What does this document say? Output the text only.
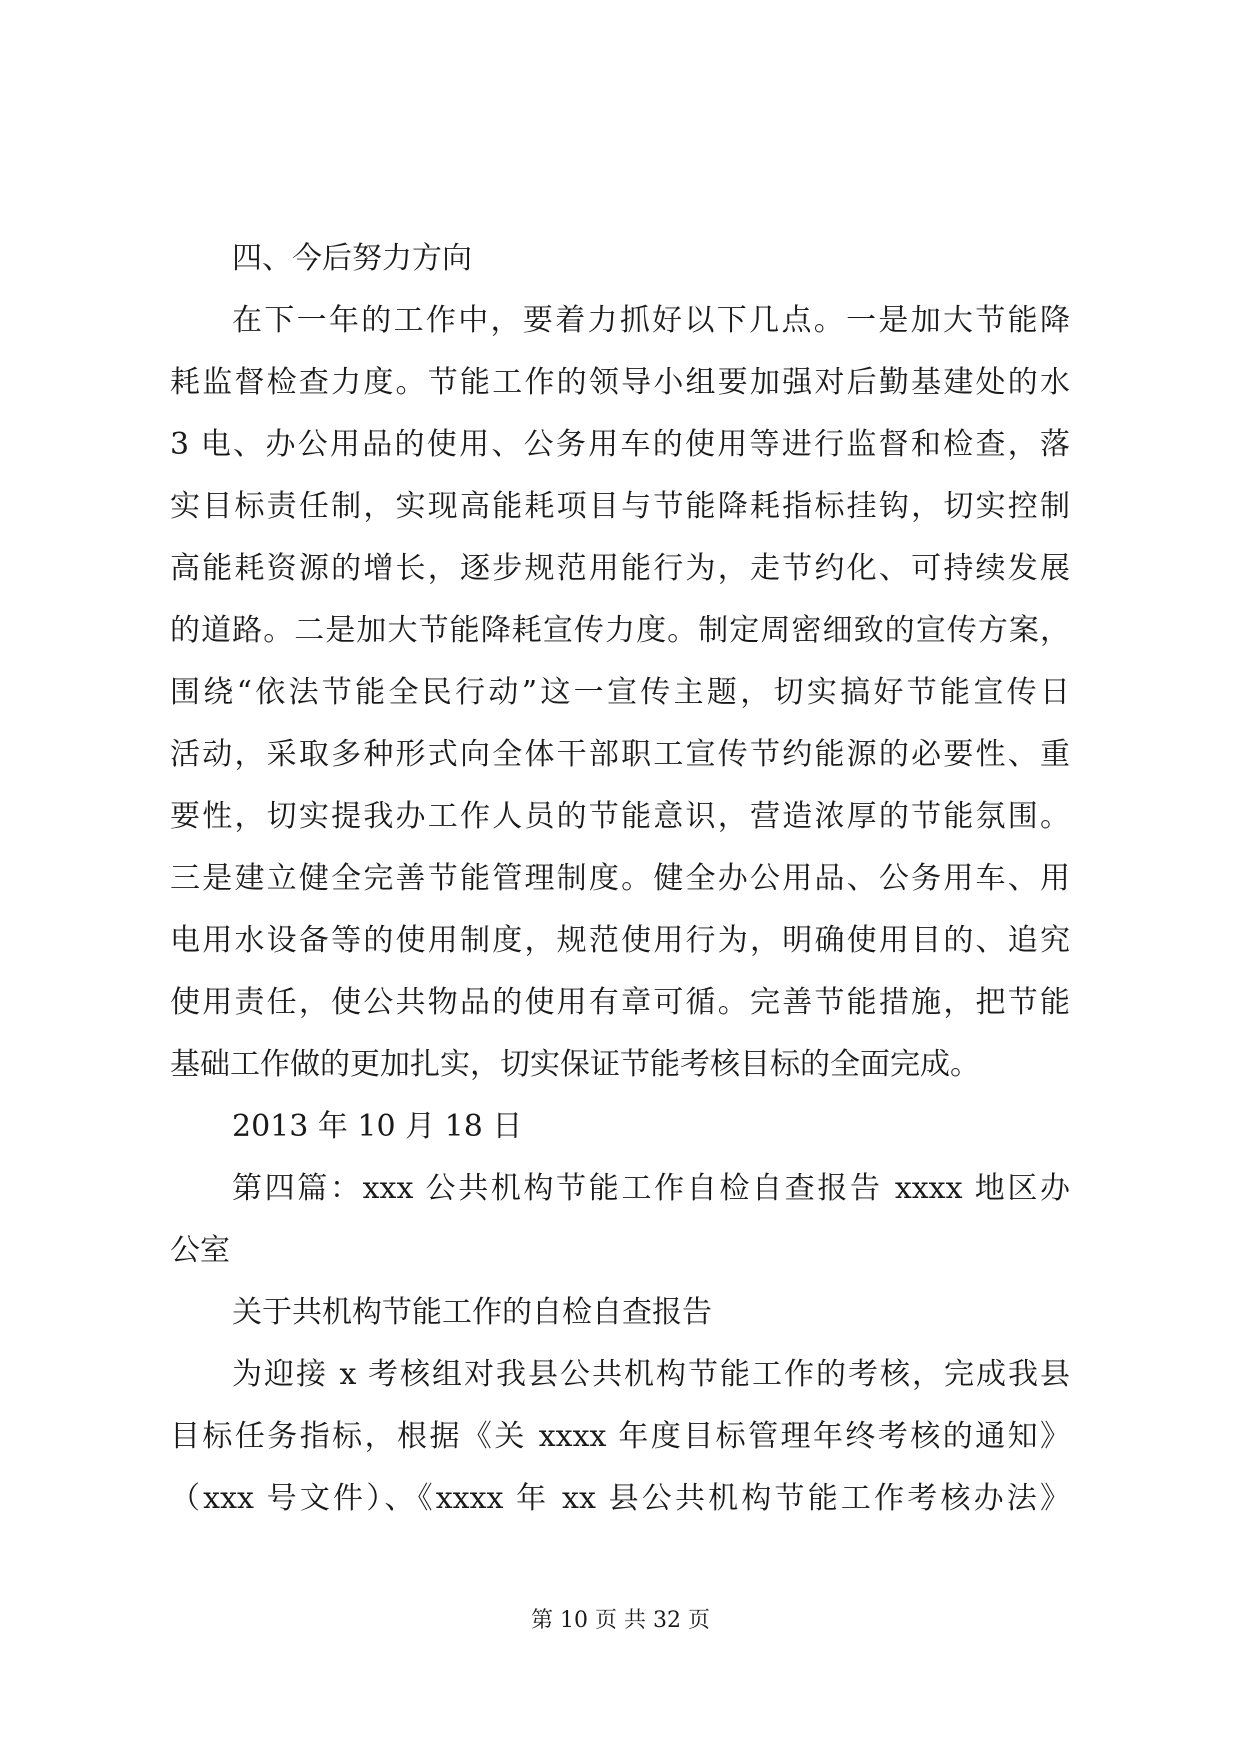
四、今后努力方向
在下一年的工作中，要着力抓好以下几点。一是加大节能降
耗监督检查力度。节能工作的领导小组要加强对后勤基建处的水
3 电、办公用品的使用、公务用车的使用等进行监督和检查，落
实目标责任制，实现高能耗项目与节能降耗指标挂钩，切实控制
高能耗资源的增长，逐步规范用能行为，走节约化、可持续发展
的道路。二是加大节能降耗宣传力度。制定周密细致的宣传方案，
围绕“依法节能全民行动”这一宣传主题，切实搞好节能宣传日
活动，采取多种形式向全体干部职工宣传节约能源的必要性、重
要性，切实提我办工作人员的节能意识，营造浓厚的节能氛围。
三是建立健全完善节能管理制度。健全办公用品、公务用车、用
电用水设备等的使用制度，规范使用行为，明确使用目的、追究
使用责任，使公共物品的使用有章可循。完善节能措施，把节能
基础工作做的更加扎实，切实保证节能考核目标的全面完成。
2013 年 10 月 18 日
第四篇：xxx 公共机构节能工作自检自查报告 xxxx 地区办
公室
关于共机构节能工作的自检自查报告
为迎接 x 考核组对我县公共机构节能工作的考核，完成我县
目标任务指标，根据《关 xxxx 年度目标管理年终考核的通知》
（xxx 号文件）、《xxxx 年 xx 县公共机构节能工作考核办法》
第 10 页 共 32 页
